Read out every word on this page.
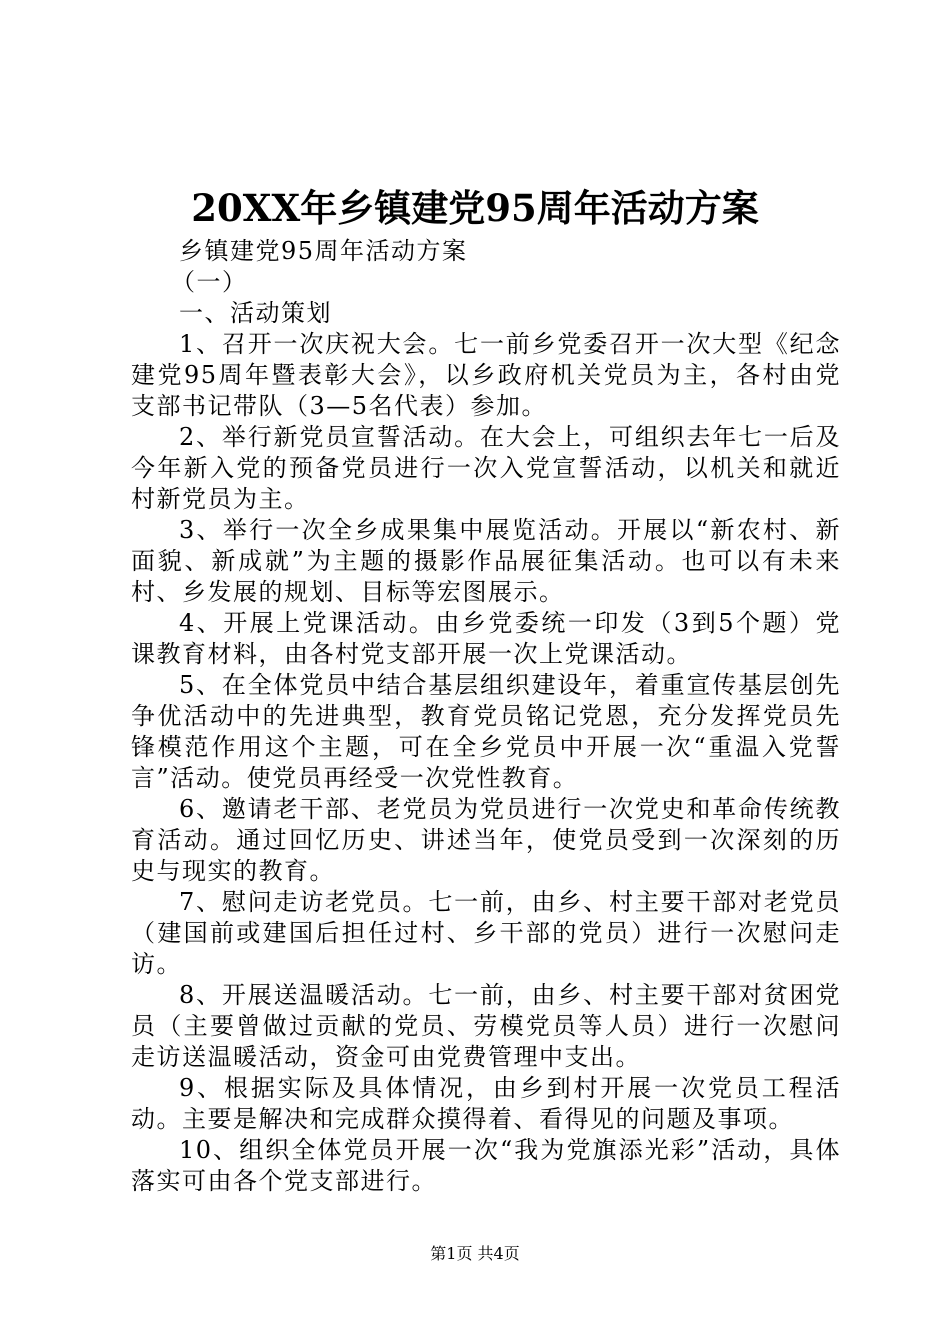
20XX年乡镇建党95周年活动方案

乡镇建党95周年活动方案

（一）

一、活动策划

1、召开一次庆祝大会。七一前乡党委召开一次大型《纪念建党95周年暨表彰大会》，以乡政府机关党员为主，各村由党支部书记带队（3—5名代表）参加。

2、举行新党员宣誓活动。在大会上，可组织去年七一后及今年新入党的预备党员进行一次入党宣誓活动，以机关和就近村新党员为主。

3、举行一次全乡成果集中展览活动。开展以“新农村、新面貌、新成就”为主题的摄影作品展征集活动。也可以有未来村、乡发展的规划、目标等宏图展示。

4、开展上党课活动。由乡党委统一印发（3到5个题）党课教育材料，由各村党支部开展一次上党课活动。

5、在全体党员中结合基层组织建设年，着重宣传基层创先争优活动中的先进典型，教育党员铭记党恩，充分发挥党员先锋模范作用这个主题，可在全乡党员中开展一次“重温入党誓言”活动。使党员再经受一次党性教育。

6、邀请老干部、老党员为党员进行一次党史和革命传统教育活动。通过回忆历史、讲述当年，使党员受到一次深刻的历史与现实的教育。

7、慰问走访老党员。七一前，由乡、村主要干部对老党员（建国前或建国后担任过村、乡干部的党员）进行一次慰问走访。

8、开展送温暖活动。七一前，由乡、村主要干部对贫困党员（主要曾做过贡献的党员、劳模党员等人员）进行一次慰问走访送温暖活动，资金可由党费管理中支出。

9、根据实际及具体情况，由乡到村开展一次党员工程活动。主要是解决和完成群众摸得着、看得见的问题及事项。

10、组织全体党员开展一次“我为党旗添光彩”活动，具体落实可由各个党支部进行。

第1页 共4页
